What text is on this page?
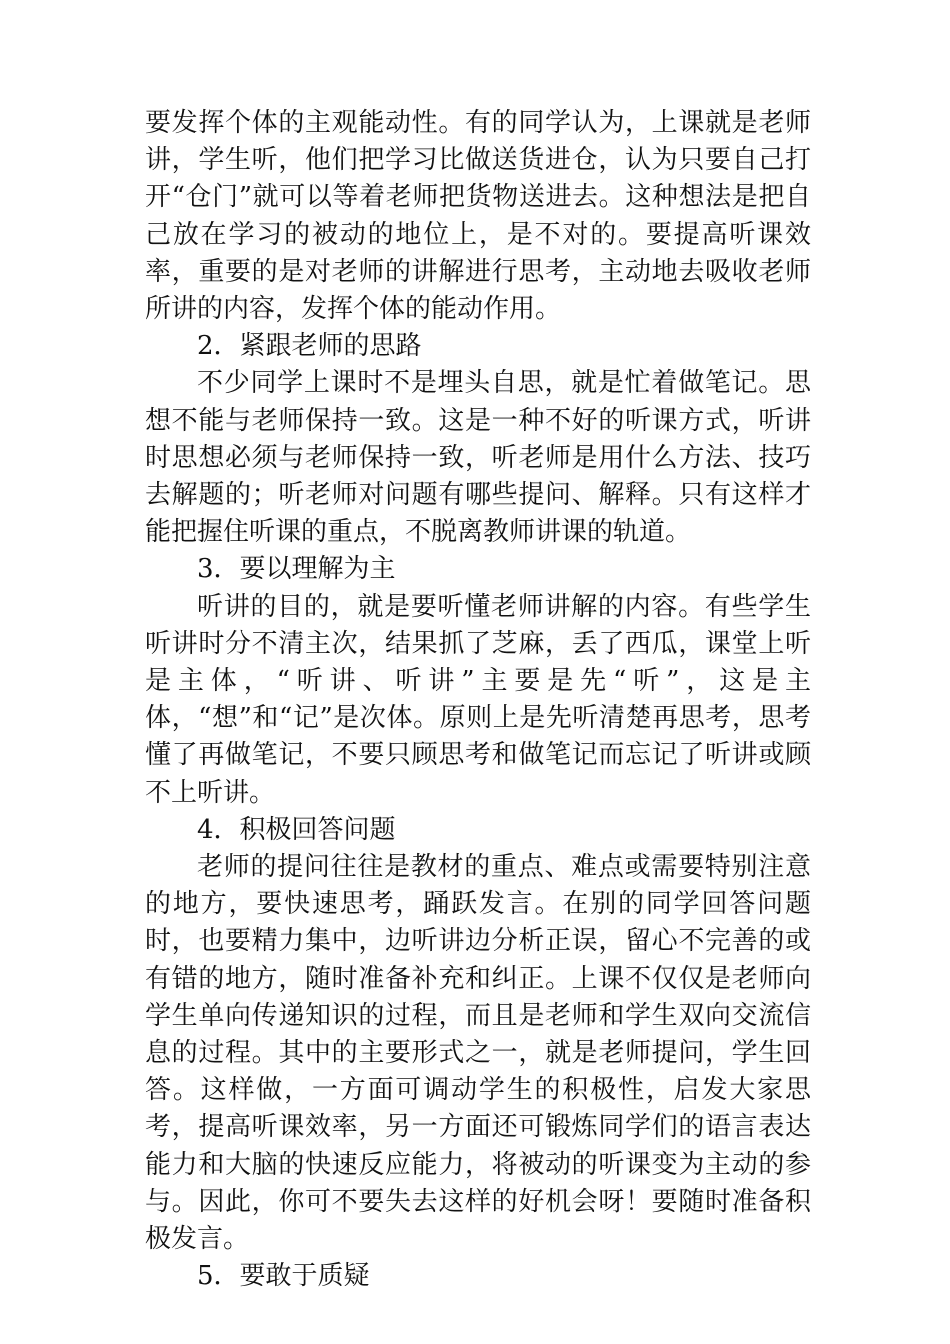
要发挥个体的主观能动性。有的同学认为，上课就是老师讲，学生听，他们把学习比做送货进仓，认为只要自己打开“仓门”就可以等着老师把货物送进去。这种想法是把自己放在学习的被动的地位上，是不对的。要提高听课效率，重要的是对老师的讲解进行思考，主动地去吸收老师所讲的内容，发挥个体的能动作用。

2．紧跟老师的思路

不少同学上课时不是埋头自思，就是忙着做笔记。思想不能与老师保持一致。这是一种不好的听课方式，听讲时思想必须与老师保持一致，听老师是用什么方法、技巧去解题的；听老师对问题有哪些提问、解释。只有这样才能把握住听课的重点，不脱离教师讲课的轨道。

3．要以理解为主

听讲的目的，就是要听懂老师讲解的内容。有些学生听讲时分不清主次，结果抓了芝麻，丢了西瓜，课堂上听是主体，“听讲、听讲”主要是先“听”，这是主体，“想”和“记”是次体。原则上是先听清楚再思考，思考懂了再做笔记，不要只顾思考和做笔记而忘记了听讲或顾不上听讲。

4．积极回答问题

老师的提问往往是教材的重点、难点或需要特别注意的地方，要快速思考，踊跃发言。在别的同学回答问题时，也要精力集中，边听讲边分析正误，留心不完善的或有错的地方，随时准备补充和纠正。上课不仅仅是老师向学生单向传递知识的过程，而且是老师和学生双向交流信息的过程。其中的主要形式之一，就是老师提问，学生回答。这样做，一方面可调动学生的积极性，启发大家思考，提高听课效率，另一方面还可锻炼同学们的语言表达能力和大脑的快速反应能力，将被动的听课变为主动的参与。因此，你可不要失去这样的好机会呀！要随时准备积极发言。

5．要敢于质疑
